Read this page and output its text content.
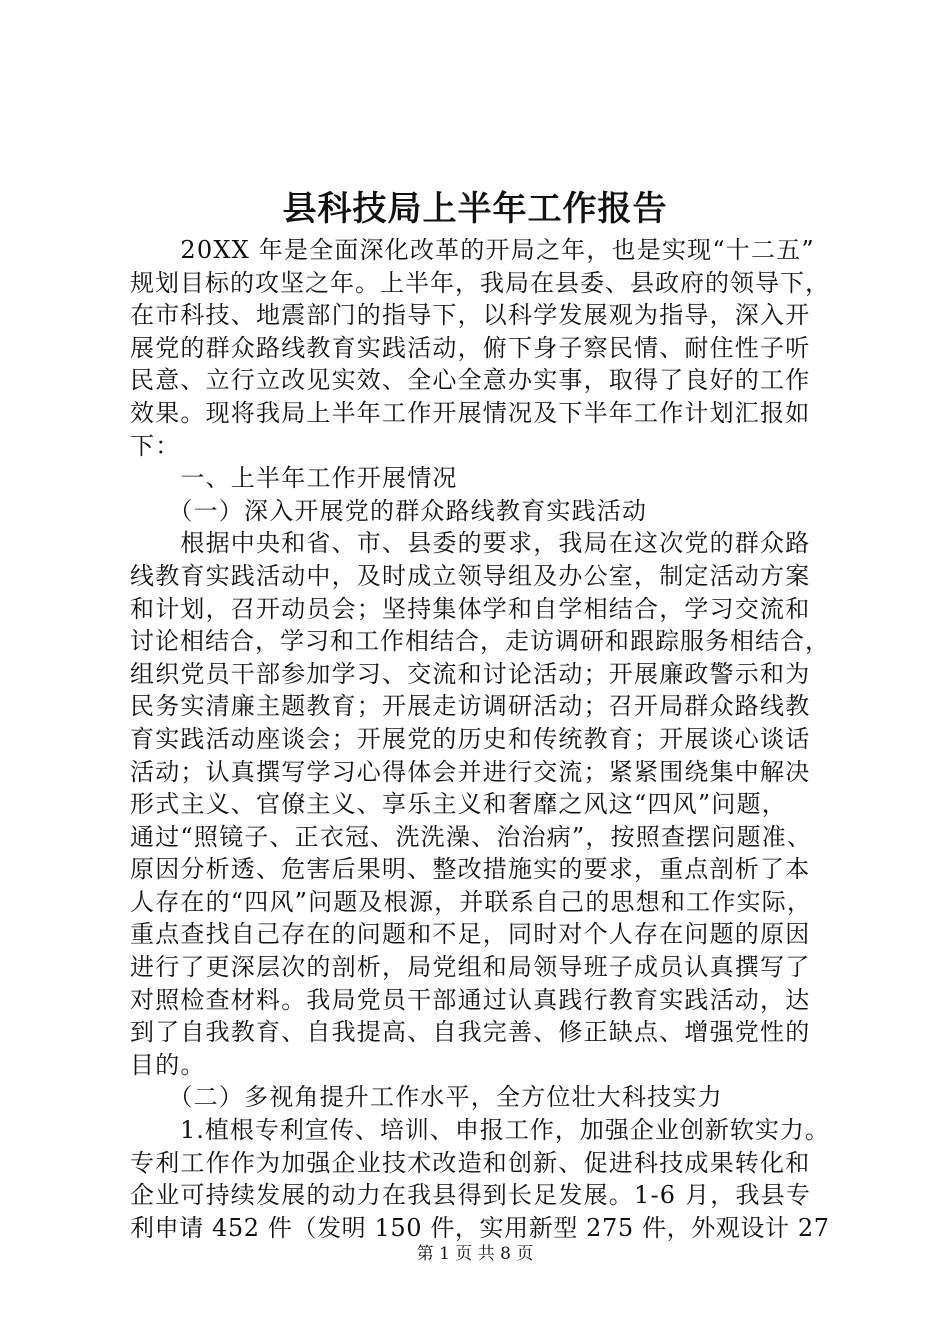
县科技局上半年工作报告
　　20XX 年是全面深化改革的开局之年，也是实现“十二五”
规划目标的攻坚之年。上半年，我局在县委、县政府的领导下，
在市科技、地震部门的指导下，以科学发展观为指导，深入开
展党的群众路线教育实践活动，俯下身子察民情、耐住性子听
民意、立行立改见实效、全心全意办实事，取得了良好的工作
效果。现将我局上半年工作开展情况及下半年工作计划汇报如
下：
　　一、上半年工作开展情况
　　（一）深入开展党的群众路线教育实践活动
　　根据中央和省、市、县委的要求，我局在这次党的群众路
线教育实践活动中，及时成立领导组及办公室，制定活动方案
和计划，召开动员会；坚持集体学和自学相结合，学习交流和
讨论相结合，学习和工作相结合，走访调研和跟踪服务相结合，
组织党员干部参加学习、交流和讨论活动；开展廉政警示和为
民务实清廉主题教育；开展走访调研活动；召开局群众路线教
育实践活动座谈会；开展党的历史和传统教育；开展谈心谈话
活动；认真撰写学习心得体会并进行交流；紧紧围绕集中解决
形式主义、官僚主义、享乐主义和奢靡之风这“四风”问题，
通过“照镜子、正衣冠、洗洗澡、治治病”，按照查摆问题准、
原因分析透、危害后果明、整改措施实的要求，重点剖析了本
人存在的“四风”问题及根源，并联系自己的思想和工作实际，
重点查找自己存在的问题和不足，同时对个人存在问题的原因
进行了更深层次的剖析，局党组和局领导班子成员认真撰写了
对照检查材料。我局党员干部通过认真践行教育实践活动，达
到了自我教育、自我提高、自我完善、修正缺点、增强党性的
目的。
　　（二）多视角提升工作水平，全方位壮大科技实力
　　1.植根专利宣传、培训、申报工作，加强企业创新软实力。
专利工作作为加强企业技术改造和创新、促进科技成果转化和
企业可持续发展的动力在我县得到长足发展。1-6 月，我县专
利申请 452 件（发明 150 件，实用新型 275 件，外观设计 27
第 1 页 共 8 页
